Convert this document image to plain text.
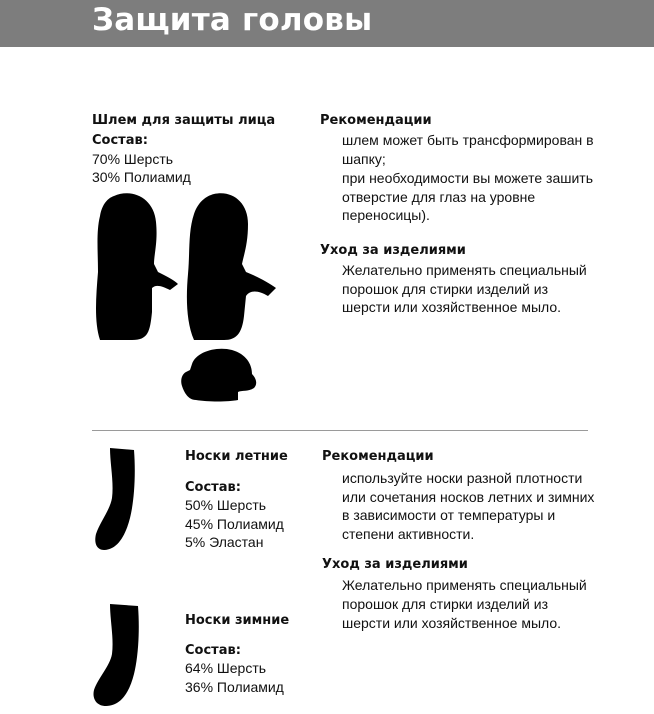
Защита головы
Шлем для защиты лица
Состав:
70% Шерсть
30% Полиамид
Рекомендации
шлем может быть трансформирован в
шапку;
при необходимости вы можете зашить
отверстие для глаз на уровне
переносицы).
Уход за изделиями
Желательно применять специальный
порошок для стирки изделий из
шерсти или хозяйственное мыло.
Носки летние
Состав:
50% Шерсть
45% Полиамид
5% Эластан
Носки зимние
Состав:
64% Шерсть
36% Полиамид
Рекомендации
используйте носки разной плотности
или сочетания носков летних и зимних
в зависимости от температуры и
степени активности.
Уход за изделиями
Желательно применять специальный
порошок для стирки изделий из
шерсти или хозяйственное мыло.
